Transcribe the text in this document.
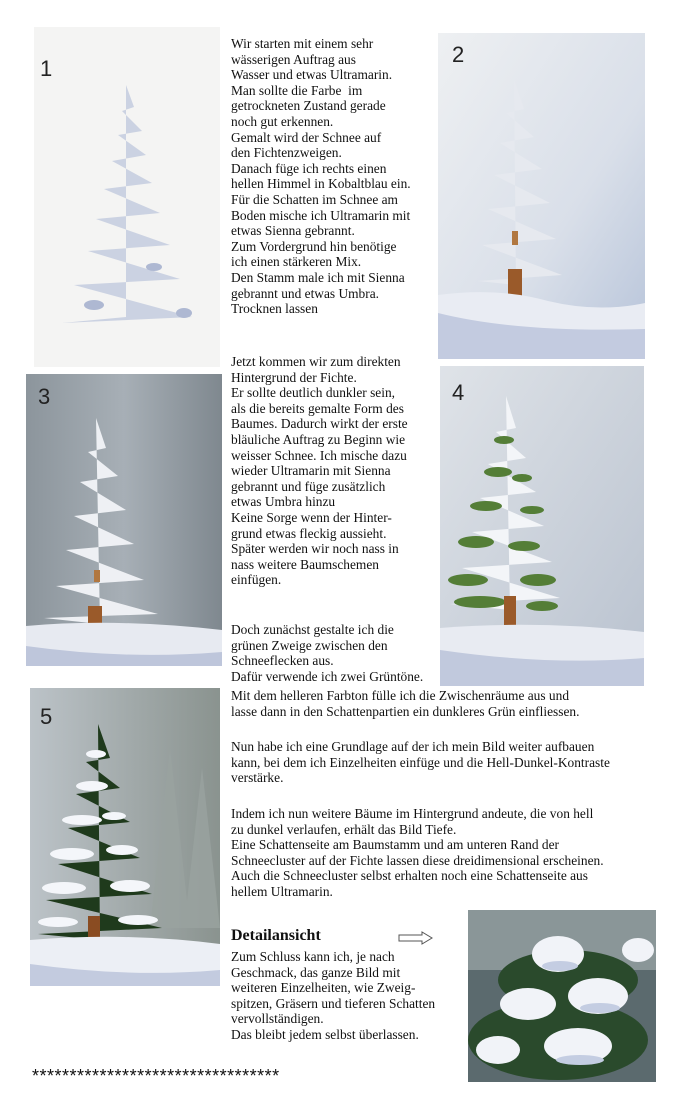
1
2
3	4
5

Wir starten mit einem sehr

wässerigen Auftrag aus

Wasser und etwas Ultramarin.

Man sollte die Farbe  im

getrockneten Zustand gerade

noch gut erkennen.

Gemalt wird der Schnee auf

den Fichtenzweigen.

Danach füge ich rechts einen

hellen Himmel in Kobaltblau ein.

Für die Schatten im Schnee am

Boden mische ich Ultramarin mit

etwas Sienna gebrannt.

Zum Vordergrund hin benötige

ich einen stärkeren Mix.

Den Stamm male ich mit Sienna

gebrannt und etwas Umbra.

Trocknen lassen

Jetzt kommen wir zum direkten

Hintergrund der Fichte.

Er sollte deutlich dunkler sein,

als die bereits gemalte Form des

Baumes. Dadurch wirkt der erste

bläuliche Auftrag zu Beginn wie

weisser Schnee. Ich mische dazu

wieder Ultramarin mit Sienna

gebrannt und füge zusätzlich

etwas Umbra hinzu

Keine Sorge wenn der Hinter-

grund etwas fleckig aussieht.

Später werden wir noch nass in

nass weitere Baumschemen

einfügen.

Doch zunächst gestalte ich die

grünen Zweige zwischen den

Schneeflecken aus.

Dafür verwende ich zwei Grüntöne.

Mit dem helleren Farbton fülle ich die Zwischenräume aus und

lasse dann in den Schattenpartien ein dunkleres Grün einfliessen.

Nun habe ich eine Grundlage auf der ich mein Bild weiter aufbauen

kann, bei dem ich Einzelheiten einfüge und die Hell-Dunkel-Kontraste

verstärke.

Indem ich nun weitere Bäume im Hintergrund andeute, die von hell

zu dunkel verlaufen, erhält das Bild Tiefe.

Eine Schattenseite am Baumstamm und am unteren Rand der

Schneecluster auf der Fichte lassen diese dreidimensional erscheinen.

Auch die Schneecluster selbst erhalten noch eine Schattenseite aus

hellem Ultramarin.

Detailansicht

Zum Schluss kann ich, je nach

Geschmack, das ganze Bild mit

weiteren Einzelheiten, wie Zweig-

spitzen, Gräsern und tieferen Schatten

vervollständigen.

Das bleibt jedem selbst überlassen.

*********************************
